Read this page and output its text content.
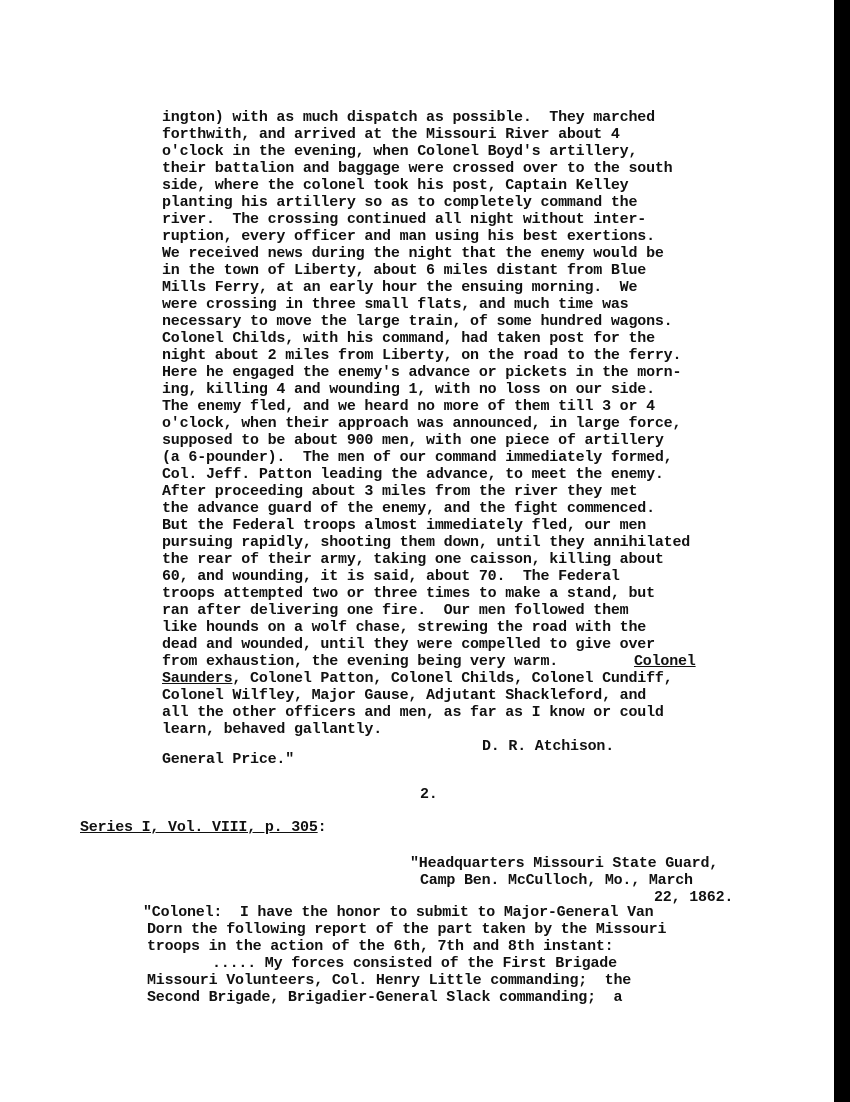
ington) with as much dispatch as possible.  They marched
forthwith, and arrived at the Missouri River about 4
o'clock in the evening, when Colonel Boyd's artillery,
their battalion and baggage were crossed over to the south
side, where the colonel took his post, Captain Kelley
planting his artillery so as to completely command the
river.  The crossing continued all night without inter-
ruption, every officer and man using his best exertions.
We received news during the night that the enemy would be
in the town of Liberty, about 6 miles distant from Blue
Mills Ferry, at an early hour the ensuing morning.  We
were crossing in three small flats, and much time was
necessary to move the large train, of some hundred wagons.
Colonel Childs, with his command, had taken post for the
night about 2 miles from Liberty, on the road to the ferry.
Here he engaged the enemy's advance or pickets in the morn-
ing, killing 4 and wounding 1, with no loss on our side.
The enemy fled, and we heard no more of them till 3 or 4
o'clock, when their approach was announced, in large force,
supposed to be about 900 men, with one piece of artillery
(a 6-pounder).  The men of our command immediately formed,
Col. Jeff. Patton leading the advance, to meet the enemy.
After proceeding about 3 miles from the river they met
the advance guard of the enemy, and the fight commenced.
But the Federal troops almost immediately fled, our men
pursuing rapidly, shooting them down, until they annihilated
the rear of their army, taking one caisson, killing about
60, and wounding, it is said, about 70.  The Federal
troops attempted two or three times to make a stand, but
ran after delivering one fire.  Our men followed them
like hounds on a wolf chase, strewing the road with the
dead and wounded, until they were compelled to give over
from exhaustion, the evening being very warm.	Colonel
Saunders, Colonel Patton, Colonel Childs, Colonel Cundiff,
Colonel Wilfley, Major Gause, Adjutant Shackleford, and
all the other officers and men, as far as I know or could
learn, behaved gallantly.
D. R. Atchison.
General Price."
2.
Series I, Vol. VIII, p. 305:
"Headquarters Missouri State Guard,
Camp Ben. McCulloch, Mo., March
22, 1862.
"Colonel:  I have the honor to submit to Major-General Van
Dorn the following report of the part taken by the Missouri
troops in the action of the 6th, 7th and 8th instant:
..... My forces consisted of the First Brigade
Missouri Volunteers, Col. Henry Little commanding;  the
Second Brigade, Brigadier-General Slack commanding;  a
